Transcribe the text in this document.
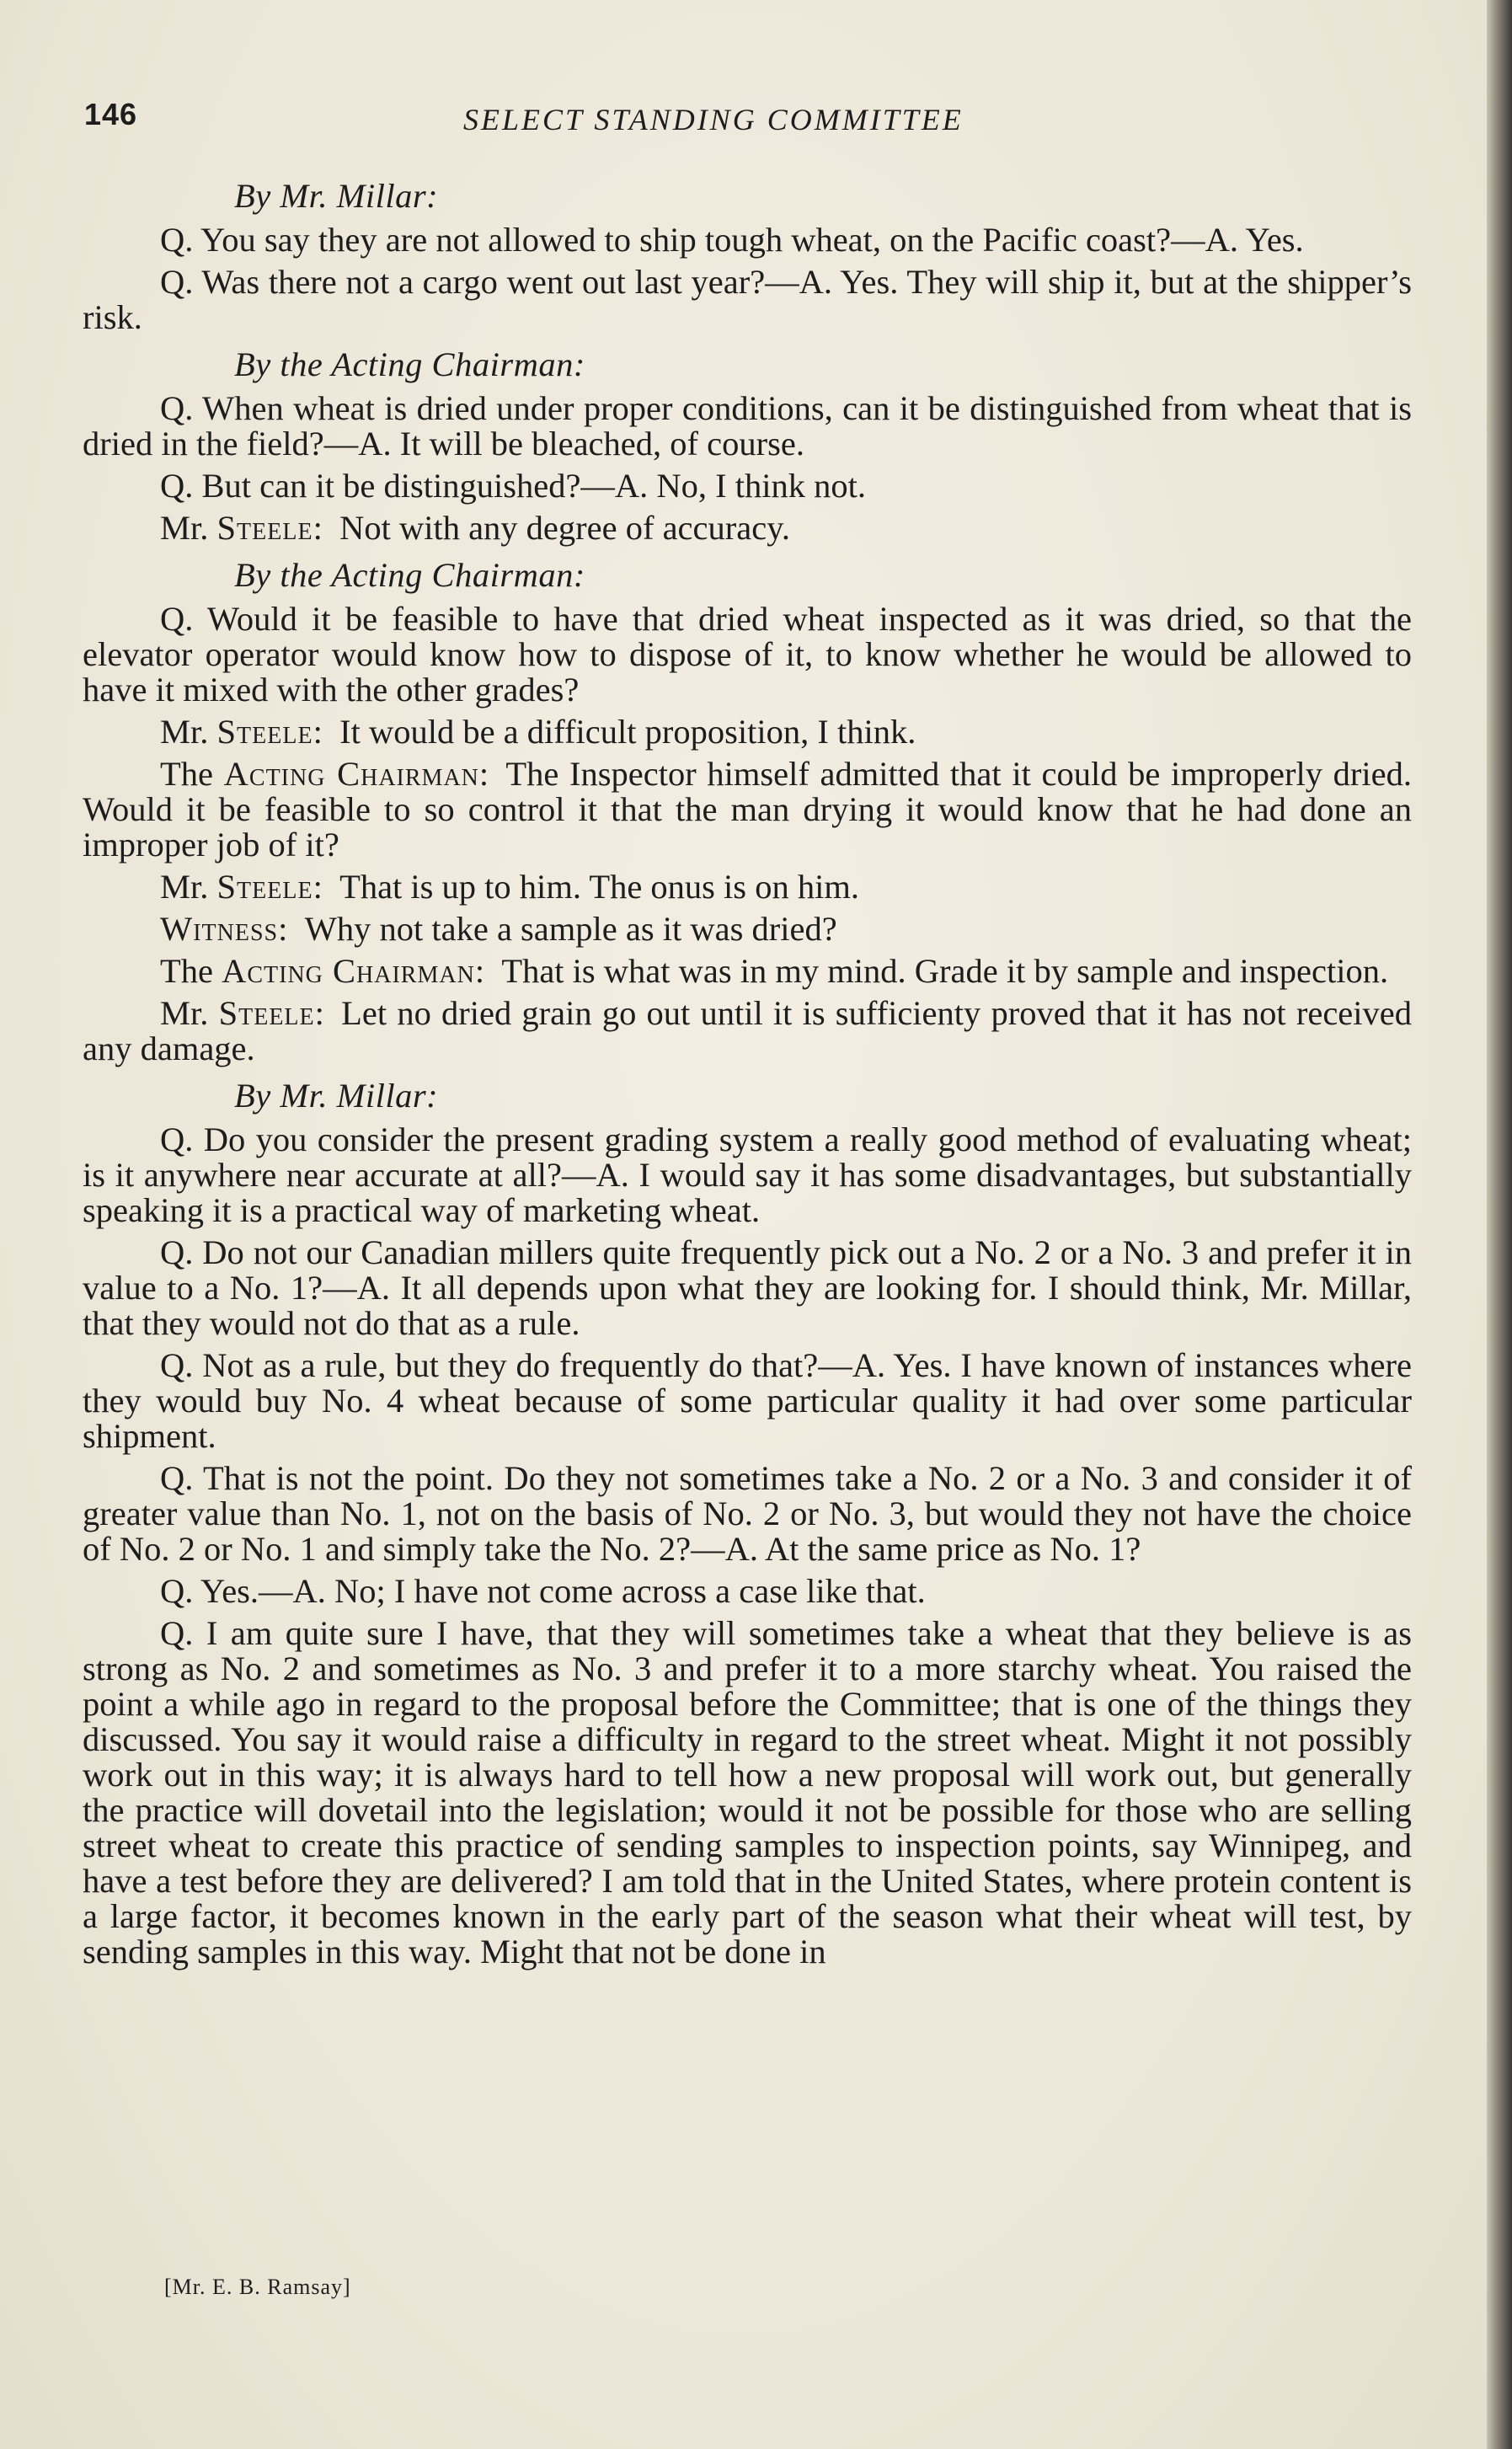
146	SELECT STANDING COMMITTEE

By Mr. Millar:

Q. You say they are not allowed to ship tough wheat, on the Pacific coast?—A. Yes.

Q. Was there not a cargo went out last year?—A. Yes. They will ship it, but at the shipper’s risk.

By the Acting Chairman:

Q. When wheat is dried under proper conditions, can it be distinguished from wheat that is dried in the field?—A. It will be bleached, of course.

Q. But can it be distinguished?—A. No, I think not.

Mr. Steele: Not with any degree of accuracy.

By the Acting Chairman:

Q. Would it be feasible to have that dried wheat inspected as it was dried, so that the elevator operator would know how to dispose of it, to know whether he would be allowed to have it mixed with the other grades?

Mr. Steele: It would be a difficult proposition, I think.

The Acting Chairman: The Inspector himself admitted that it could be improperly dried. Would it be feasible to so control it that the man drying it would know that he had done an improper job of it?

Mr. Steele: That is up to him. The onus is on him.

Witness: Why not take a sample as it was dried?

The Acting Chairman: That is what was in my mind. Grade it by sample and inspection.

Mr. Steele: Let no dried grain go out until it is sufficienty proved that it has not received any damage.

By Mr. Millar:

Q. Do you consider the present grading system a really good method of evaluating wheat; is it anywhere near accurate at all?—A. I would say it has some disadvantages, but substantially speaking it is a practical way of marketing wheat.

Q. Do not our Canadian millers quite frequently pick out a No. 2 or a No. 3 and prefer it in value to a No. 1?—A. It all depends upon what they are looking for. I should think, Mr. Millar, that they would not do that as a rule.

Q. Not as a rule, but they do frequently do that?—A. Yes. I have known of instances where they would buy No. 4 wheat because of some particular quality it had over some particular shipment.

Q. That is not the point. Do they not sometimes take a No. 2 or a No. 3 and consider it of greater value than No. 1, not on the basis of No. 2 or No. 3, but would they not have the choice of No. 2 or No. 1 and simply take the No. 2?—A. At the same price as No. 1?

Q. Yes.—A. No; I have not come across a case like that.

Q. I am quite sure I have, that they will sometimes take a wheat that they believe is as strong as No. 2 and sometimes as No. 3 and prefer it to a more starchy wheat. You raised the point a while ago in regard to the proposal before the Committee; that is one of the things they discussed. You say it would raise a difficulty in regard to the street wheat. Might it not possibly work out in this way; it is always hard to tell how a new proposal will work out, but generally the practice will dovetail into the legislation; would it not be possible for those who are selling street wheat to create this practice of sending samples to inspection points, say Winnipeg, and have a test before they are delivered? I am told that in the United States, where protein content is a large factor, it becomes known in the early part of the season what their wheat will test, by sending samples in this way. Might that not be done in

[Mr. E. B. Ramsay]
